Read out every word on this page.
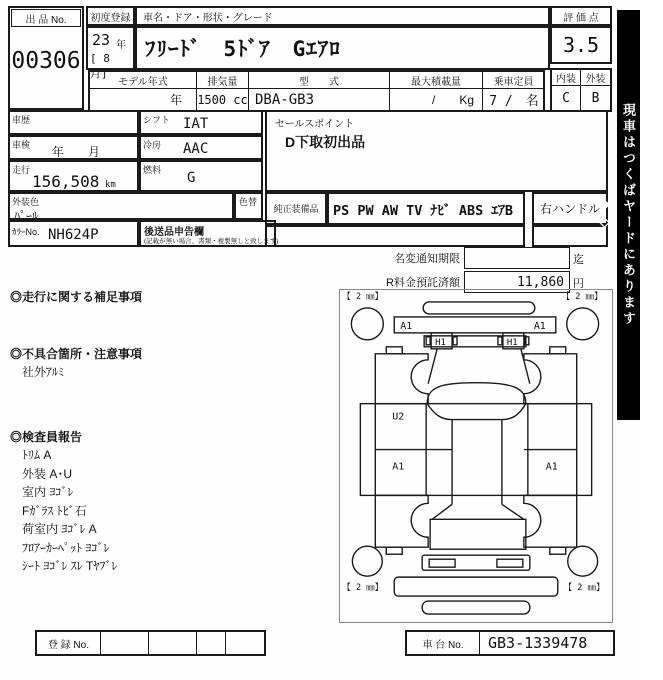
出 品 No.
00306
初度登録
23 年
[ 8 月]
車名・ドア・形状・グレード
ﾌﾘｰﾄﾞ　5ﾄﾞｱ　Gｴｱﾛ
評 価 点
3.5
内装 外装
C	B
モデル年式	排気量	型　　式	最大積載量	乗車定員
年	1500 cc DBA-GB3	/　　Kg	7 /　名
車歴	シフト IAT
車検 年　　月	冷房 AAC
走行
156,508 km
燃料 G
外装色
ﾊﾟｰﾙ
色替
ｶﾗｰNo. NH624P	後送品申告欄
(記載が無い場合、書類・複製無しと致します)
セールスポイント
D下取初出品
純正装備品	PS PW AW TV ﾅﾋﾞ ABS ｴｱB	右ハンドル
名変通知期限	迄
R料金預託済額	11,860 円
◎走行に関する補足事項
◎不具合箇所・注意事項
社外ｱﾙﾐ
◎検査員報告
ﾄﾘﾑ A
外装 A･U
室内 ﾖｺﾞﾚ
Fｶﾞﾗｽ ﾄﾋﾞ石
荷室内 ﾖｺﾞﾚ A
ﾌﾛｱｰｶｰﾍﾟｯﾄ ﾖｺﾞﾚ
ｼｰﾄ ﾖｺﾞﾚ ｽﾚ Tﾔﾌﾞﾚ
【 2 ㎜】	【 2 ㎜】
【 2 ㎜】	【 2 ㎜】
A1	A1
H1	H1
U2
A1	A1
登 録 No.	車 台 No.	GB3-1339478
◇◆
現車はつくばヤードにあります
◆◇
